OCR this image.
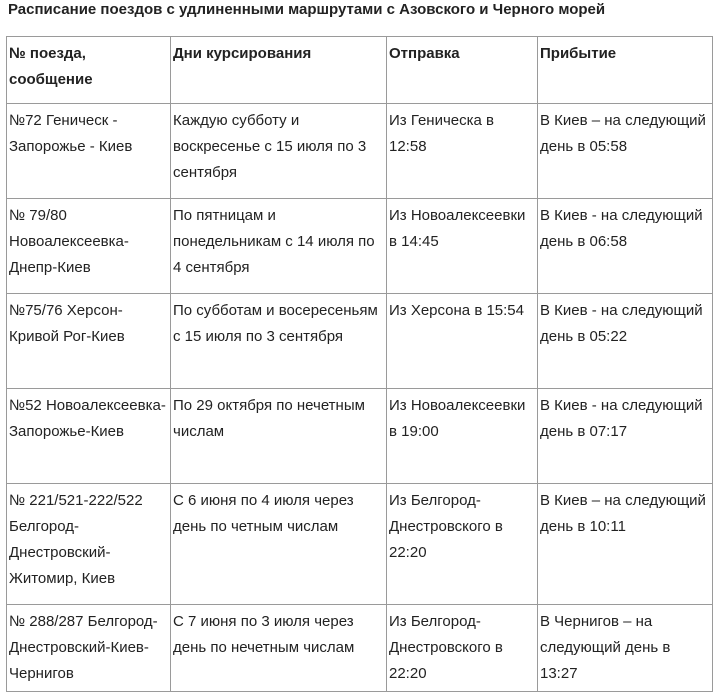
Расписание поездов с удлиненными маршрутами с Азовского и Черного морей
№ поезда, сообщение	Дни курсирования	Отправка	Прибытие
№72 Геническ - Запорожье - Киев	Каждую субботу и воскресенье с 15 июля по 3 сентября	Из Геническа в 12:58	В Киев – на следующий день в 05:58
№ 79/80 Новоалексеевка-Днепр-Киев	По пятницам и понедельникам с 14 июля по 4 сентября	Из Новоалексеевки в 14:45	В Киев - на следующий день в 06:58
№75/76 Херсон-Кривой Рог-Киев	По субботам и восересеньям с 15 июля по 3 сентября	Из Херсона в 15:54	В Киев - на следующий день в 05:22
№52 Новоалексеевка-Запорожье-Киев	По 29 октября по нечетным числам	Из Новоалексеевки в 19:00	В Киев - на следующий день в 07:17
№ 221/521-222/522 Белгород-Днестровский-Житомир, Киев	С 6 июня по 4 июля через день по четным числам	Из Белгород-Днестровского в 22:20	В Киев – на следующий день в 10:11
№ 288/287 Белгород-Днестровский-Киев-Чернигов	С 7 июня по 3 июля через день по нечетным числам	Из Белгород-Днестровского в 22:20	В Чернигов – на следующий день в 13:27
